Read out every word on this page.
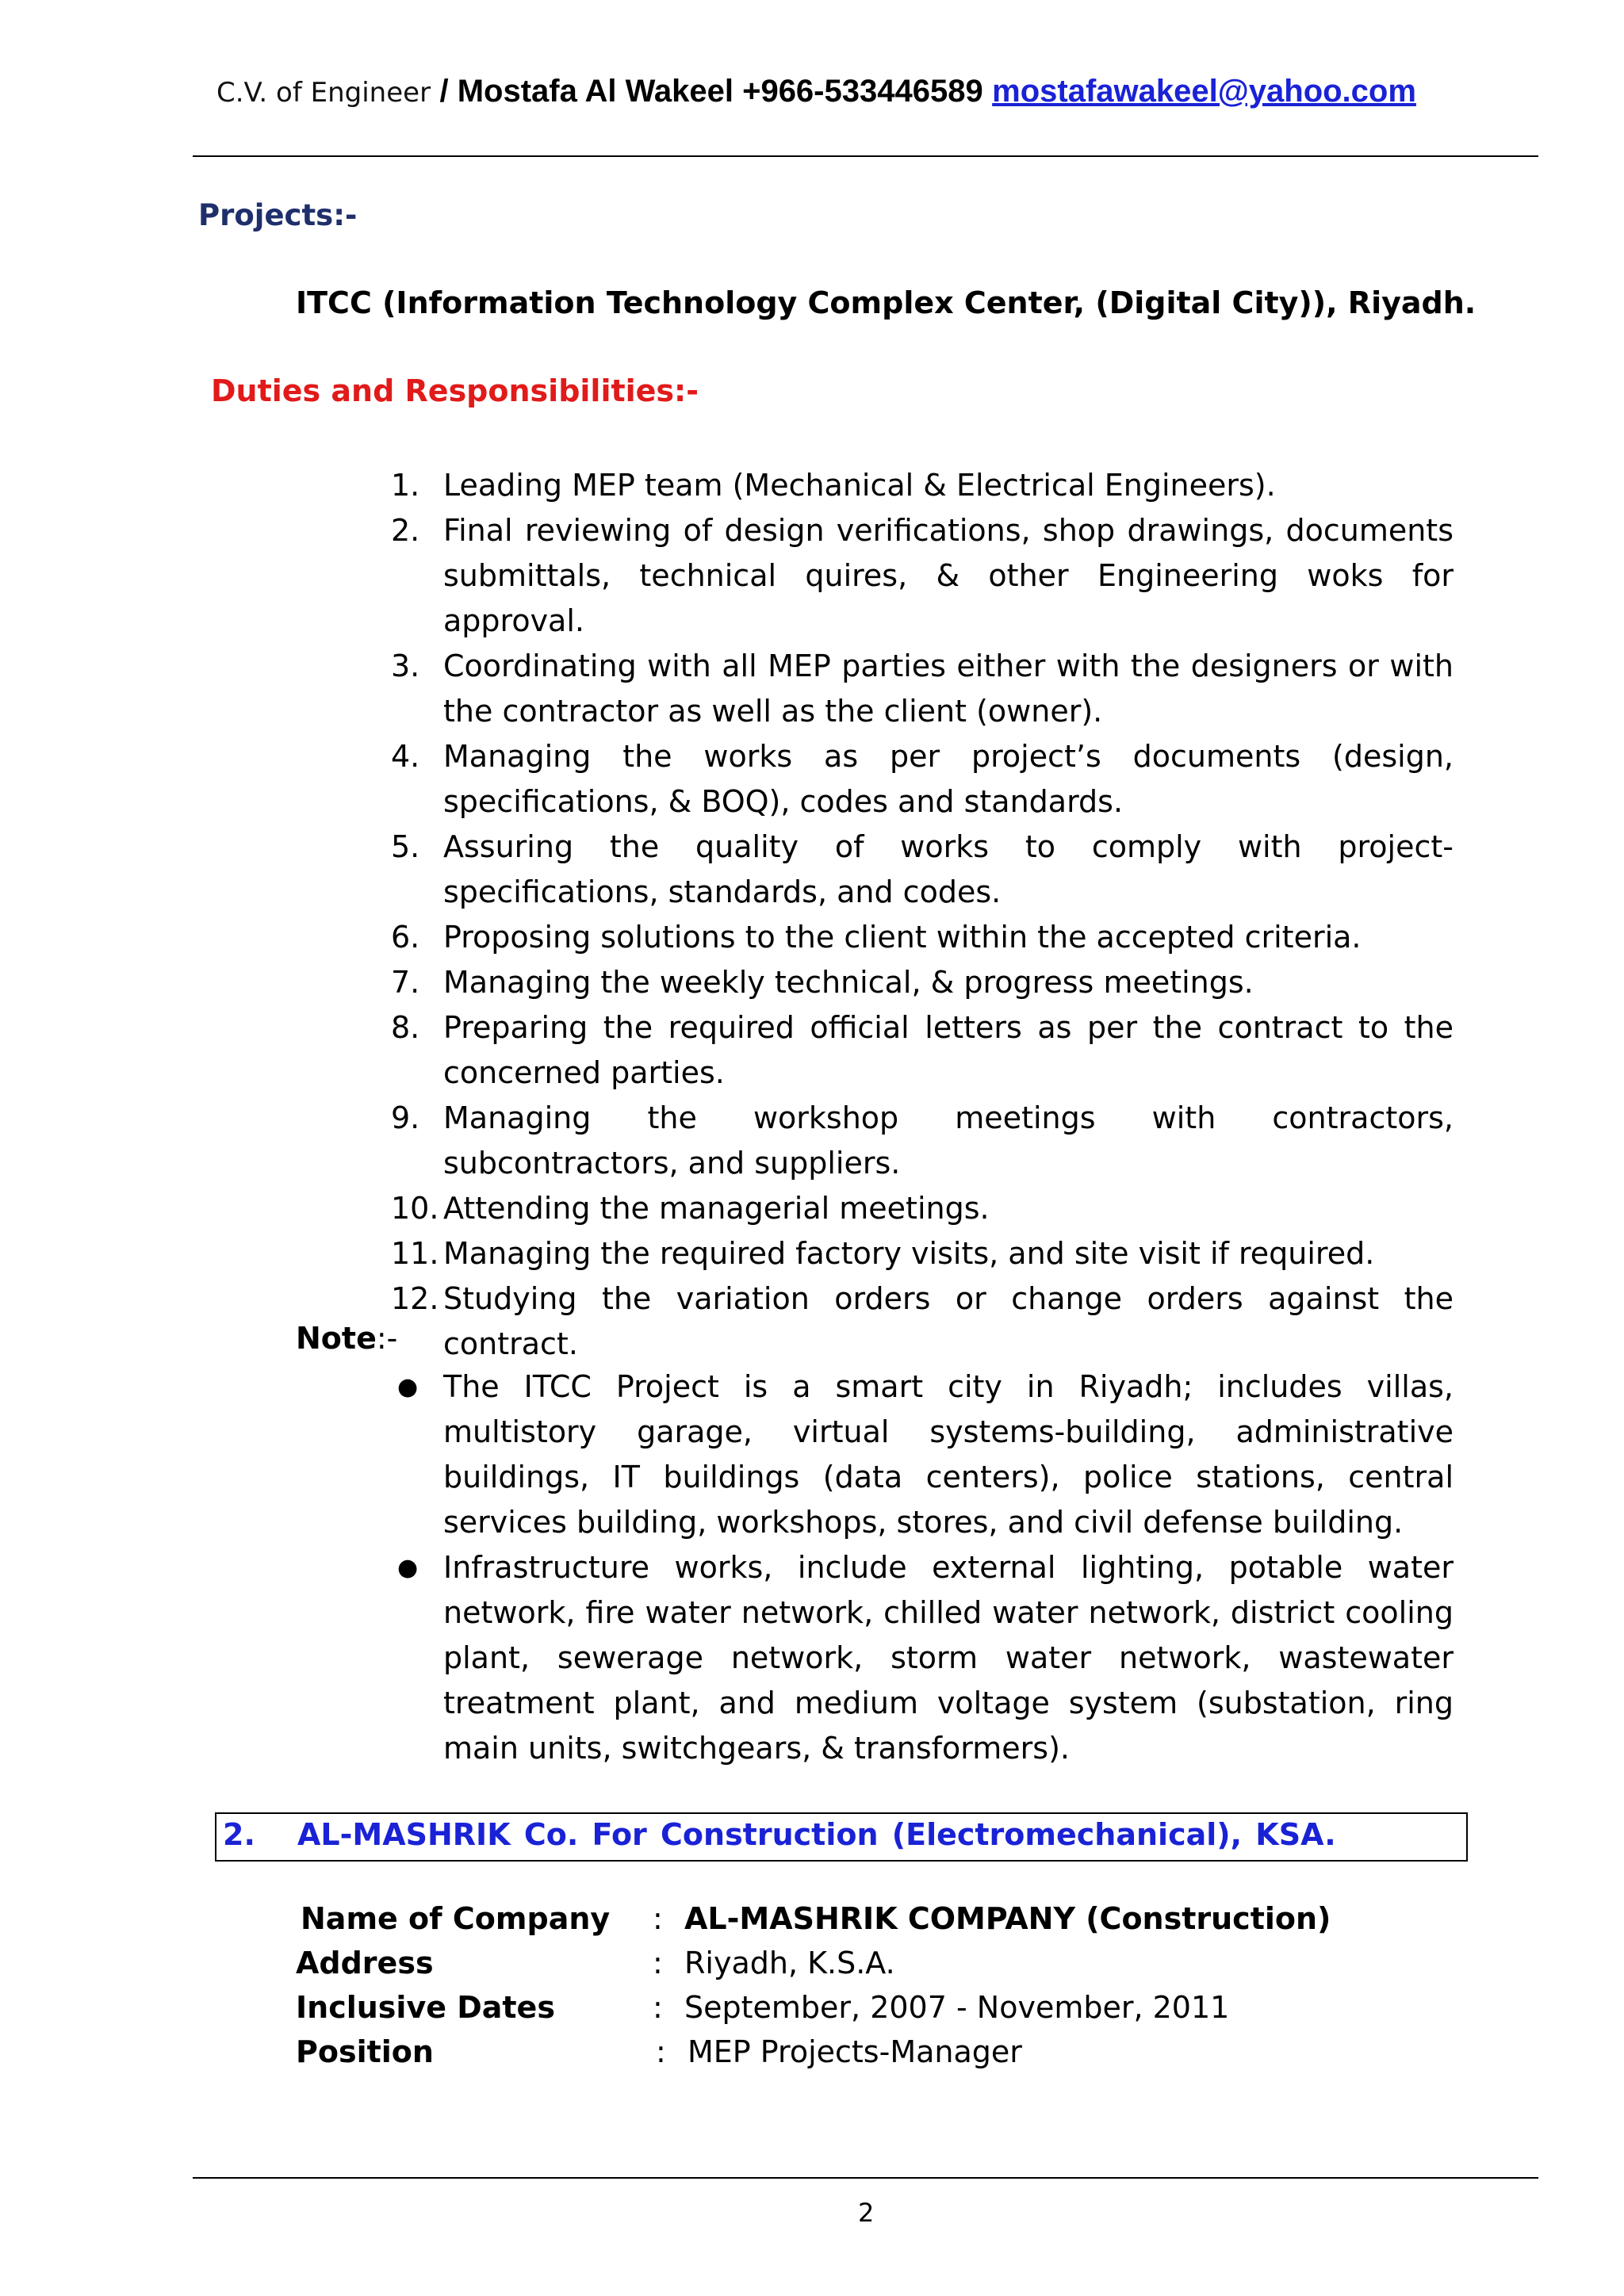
C.V. of Engineer / Mostafa Al Wakeel +966-533446589 mostafawakeel@yahoo.com
Projects:-
ITCC (Information Technology Complex Center, (Digital City)), Riyadh.
Duties and Responsibilities:-
1. Leading MEP team (Mechanical & Electrical Engineers).
2. Final reviewing of design verifications, shop drawings, documents submittals, technical quires, & other Engineering woks for approval.
3. Coordinating with all MEP parties either with the designers or with the contractor as well as the client (owner).
4. Managing the works as per project’s documents (design, specifications, & BOQ), codes and standards.
5. Assuring the quality of works to comply with project-specifications, standards, and codes.
6. Proposing solutions to the client within the accepted criteria.
7. Managing the weekly technical, & progress meetings.
8. Preparing the required official letters as per the contract to the concerned parties.
9. Managing the workshop meetings with contractors, subcontractors, and suppliers.
10. Attending the managerial meetings.
11. Managing the required factory visits, and site visit if required.
12. Studying the variation orders or change orders against the contract.
Note:-
● The ITCC Project is a smart city in Riyadh; includes villas, multistory garage, virtual systems-building, administrative buildings, IT buildings (data centers), police stations, central services building, workshops, stores, and civil defense building.
● Infrastructure works, include external lighting, potable water network, fire water network, chilled water network, district cooling plant, sewerage network, storm water network, wastewater treatment plant, and medium voltage system (substation, ring main units, switchgears, & transformers).
2. AL-MASHRIK Co. For Construction (Electromechanical), KSA.
Name of Company	: AL-MASHRIK COMPANY (Construction)
Address	: Riyadh, K.S.A.
Inclusive Dates	: September, 2007 - November, 2011
Position	: MEP Projects-Manager
2
